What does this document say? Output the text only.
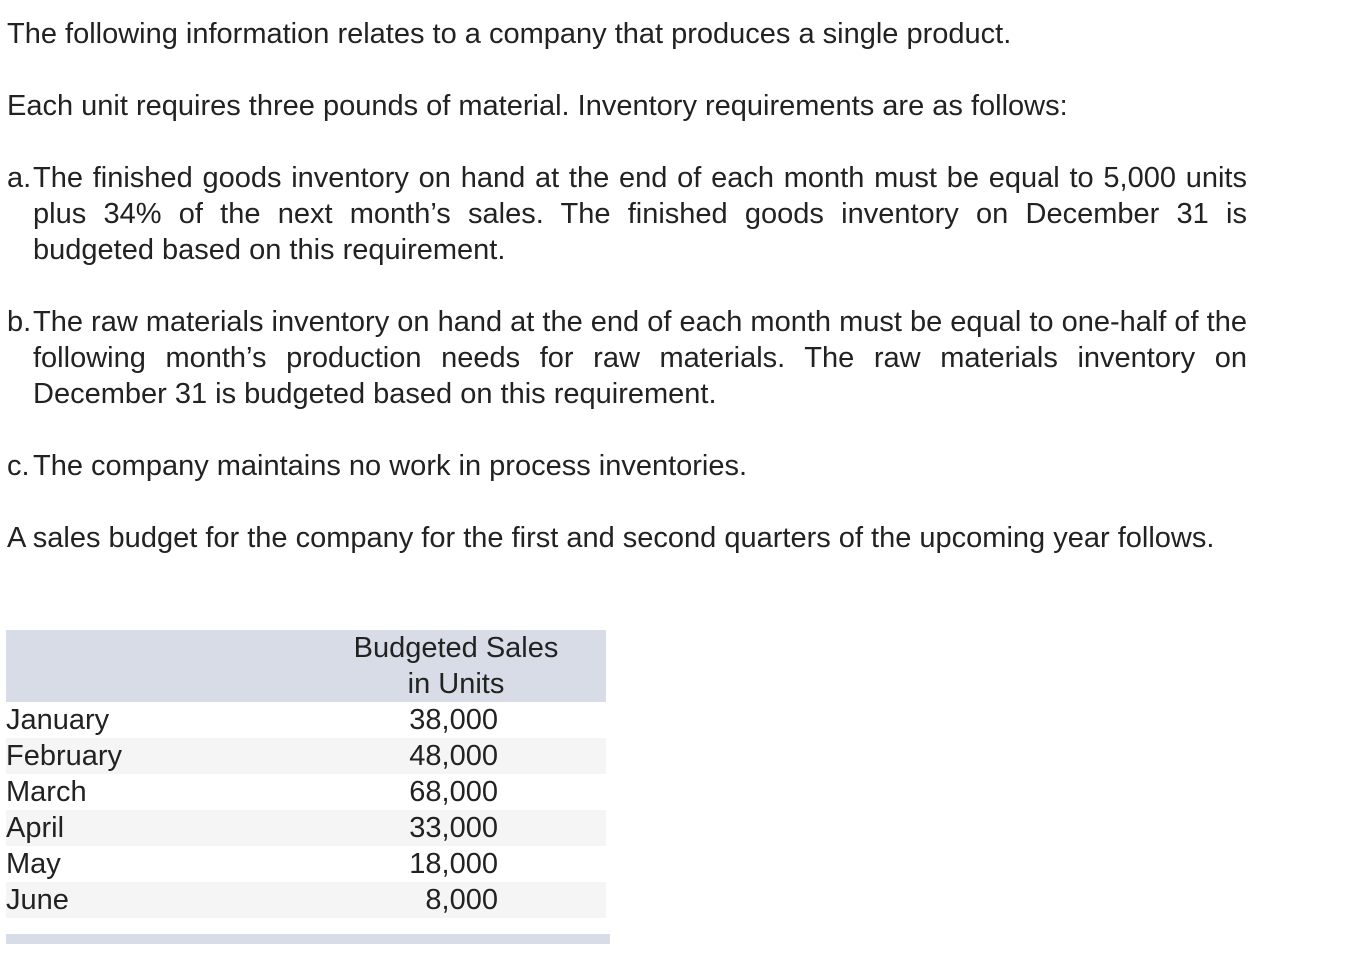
The following information relates to a company that produces a single product.

Each unit requires three pounds of material. Inventory requirements are as follows:

a. The finished goods inventory on hand at the end of each month must be equal to 5,000 units plus 34% of the next month’s sales. The finished goods inventory on December 31 is budgeted based on this requirement.
b. The raw materials inventory on hand at the end of each month must be equal to one-half of the following month’s production needs for raw materials. The raw materials inventory on December 31 is budgeted based on this requirement.
c. The company maintains no work in process inventories.

A sales budget for the company for the first and second quarters of the upcoming year follows.

Budgeted Sales
in Units
January	38,000
February	48,000
March	68,000
April	33,000
May	18,000
June	8,000
